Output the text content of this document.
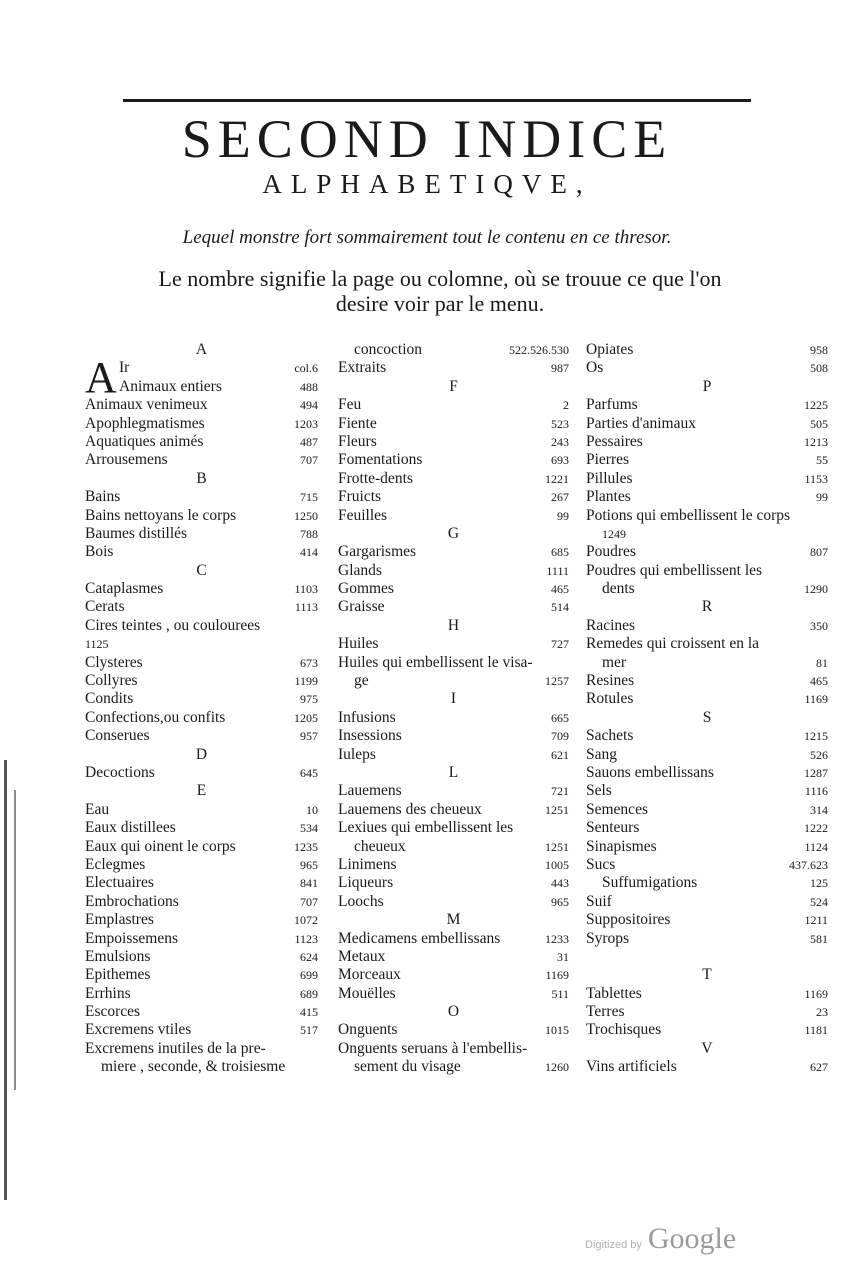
SECOND INDICE
ALPHABETIQVE,
Lequel monstre fort sommairement tout le contenu en ce thresor.
Le nombre signifie la page ou colomne, où se trouue ce que l'on
desire voir par le menu.
A
A
Ir	col.6
Animaux entiers	488
Animaux venimeux	494
Apophlegmatismes	1203
Aquatiques animés	487
Arrousemens	707
B
Bains	715
Bains nettoyans le corps	1250
Baumes distillés	788
Bois	414
C
Cataplasmes	1103
Cerats	1113
Cires teintes , ou coulourees
1125
Clysteres	673
Collyres	1199
Condits	975
Confections,ou confits	1205
Conserues	957
D
Decoctions	645
E
Eau	10
Eaux distillees	534
Eaux qui oinent le corps	1235
Eclegmes	965
Electuaires	841
Embrochations	707
Emplastres	1072
Empoissemens	1123
Emulsions	624
Epithemes	699
Errhins	689
Escorces	415
Excremens vtiles	517
Excremens inutiles de la pre-
miere , seconde, & troisiesme
concoction	522.526.530
Extraits	987
F
Feu	2
Fiente	523
Fleurs	243
Fomentations	693
Frotte-dents	1221
Fruicts	267
Feuilles	99
G
Gargarismes	685
Glands	1111
Gommes	465
Graisse	514
H
Huiles	727
Huiles qui embellissent le visa-
ge	1257
I
Infusions	665
Insessions	709
Iuleps	621
L
Lauemens	721
Lauemens des cheueux	1251
Lexiues qui embellissent les
cheueux	1251
Linimens	1005
Liqueurs	443
Loochs	965
M
Medicamens embellissans	1233
Metaux	31
Morceaux	1169
Mouëlles	511
O
Onguents	1015
Onguents seruans à l'embellis-
sement du visage	1260
Opiates	958
Os	508
P
Parfums	1225
Parties d'animaux	505
Pessaires	1213
Pierres	55
Pillules	1153
Plantes	99
Potions qui embellissent le corps
1249
Poudres	807
Poudres qui embellissent les
dents	1290
R
Racines	350
Remedes qui croissent en la
mer	81
Resines	465
Rotules	1169
S
Sachets	1215
Sang	526
Sauons embellissans	1287
Sels	1116
Semences	314
Senteurs	1222
Sinapismes	1124
Sucs	437.623
Suffumigations	125
Suif	524
Suppositoires	1211
Syrops	581
T
Tablettes	1169
Terres	23
Trochisques	1181
V
Vins artificiels	627
Digitized by Google
